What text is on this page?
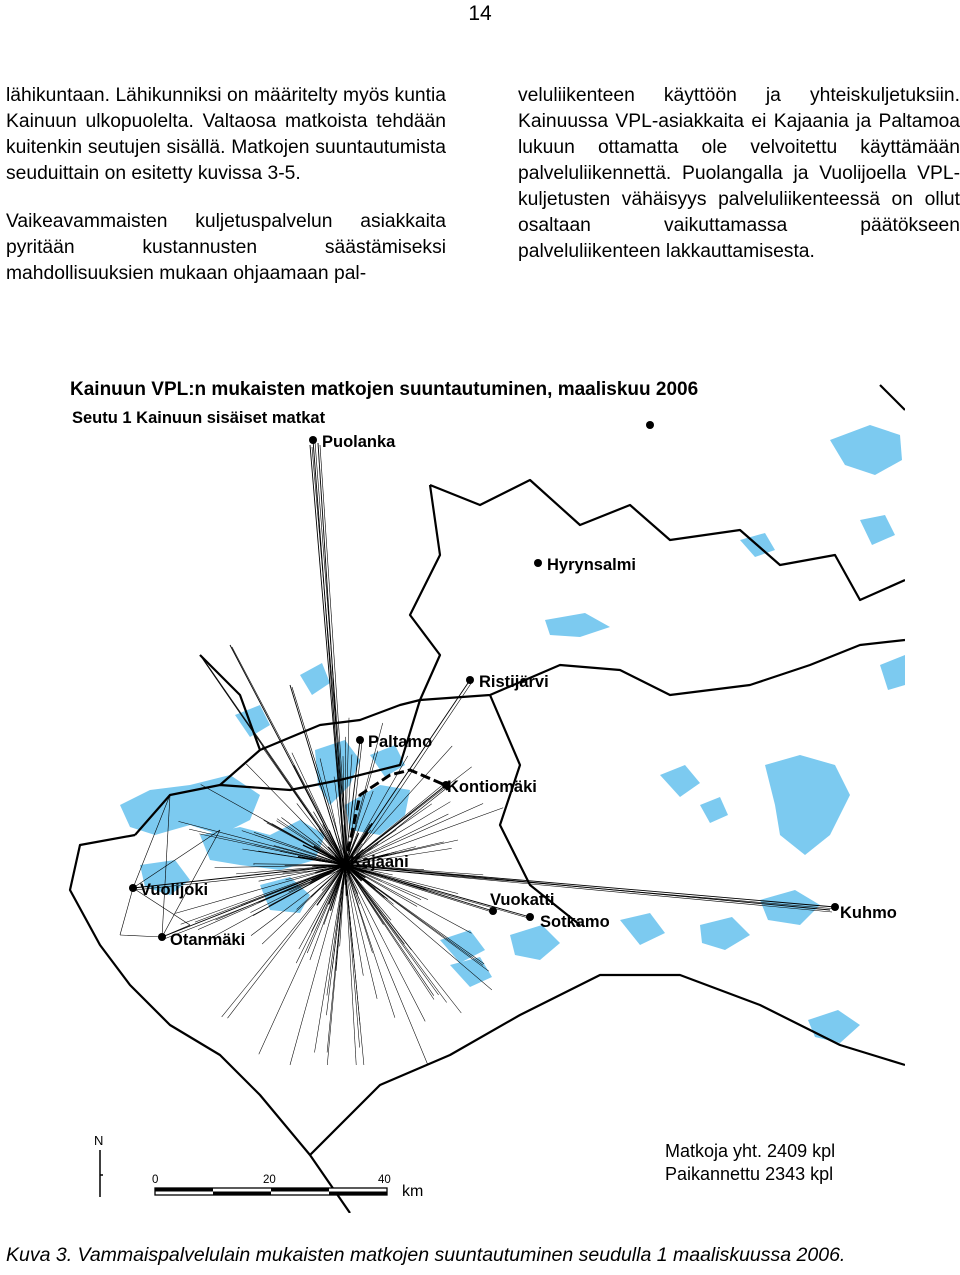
14

lähikuntaan. Lähikunniksi on määritelty myös kuntia Kainuun ulkopuolelta. Valtaosa matkoista tehdään kuitenkin seutujen sisällä. Matkojen suuntautumista seuduittain on esitetty kuvissa 3-5.

Vaikeavammaisten kuljetuspalvelun asiakkaita pyritään kustannusten säästämiseksi mahdollisuuksien mukaan ohjaamaan pal-

veluliikenteen käyttöön ja yhteiskuljetuksiin. Kainuussa VPL-asiakkaita ei Kajaania ja Paltamoa lukuun ottamatta ole velvoitettu käyttämään palveluliikennettä. Puolangalla ja Vuolijoella VPL-kuljetusten vähäisyys palveluliikenteessä on ollut osaltaan vaikuttamassa päätökseen palveluliikenteen lakkauttamisesta.

Kainuun VPL:n mukaisten matkojen suuntautuminen, maaliskuu 2006
Seutu 1 Kainuun sisäiset matkat
Puolanka
Hyrynsalmi
Ristijärvi
Paltamo
Kontiomäki
Kajaani
Vuolijoki
Otanmäki
Vuokatti
Sotkamo	Kuhmo
N
0	20	40
km
Matkoja yht. 2409 kpl
Paikannettu 2343 kpl
Kuva 3. Vammaispalvelulain mukaisten matkojen suuntautuminen seudulla 1 maaliskuussa 2006.
